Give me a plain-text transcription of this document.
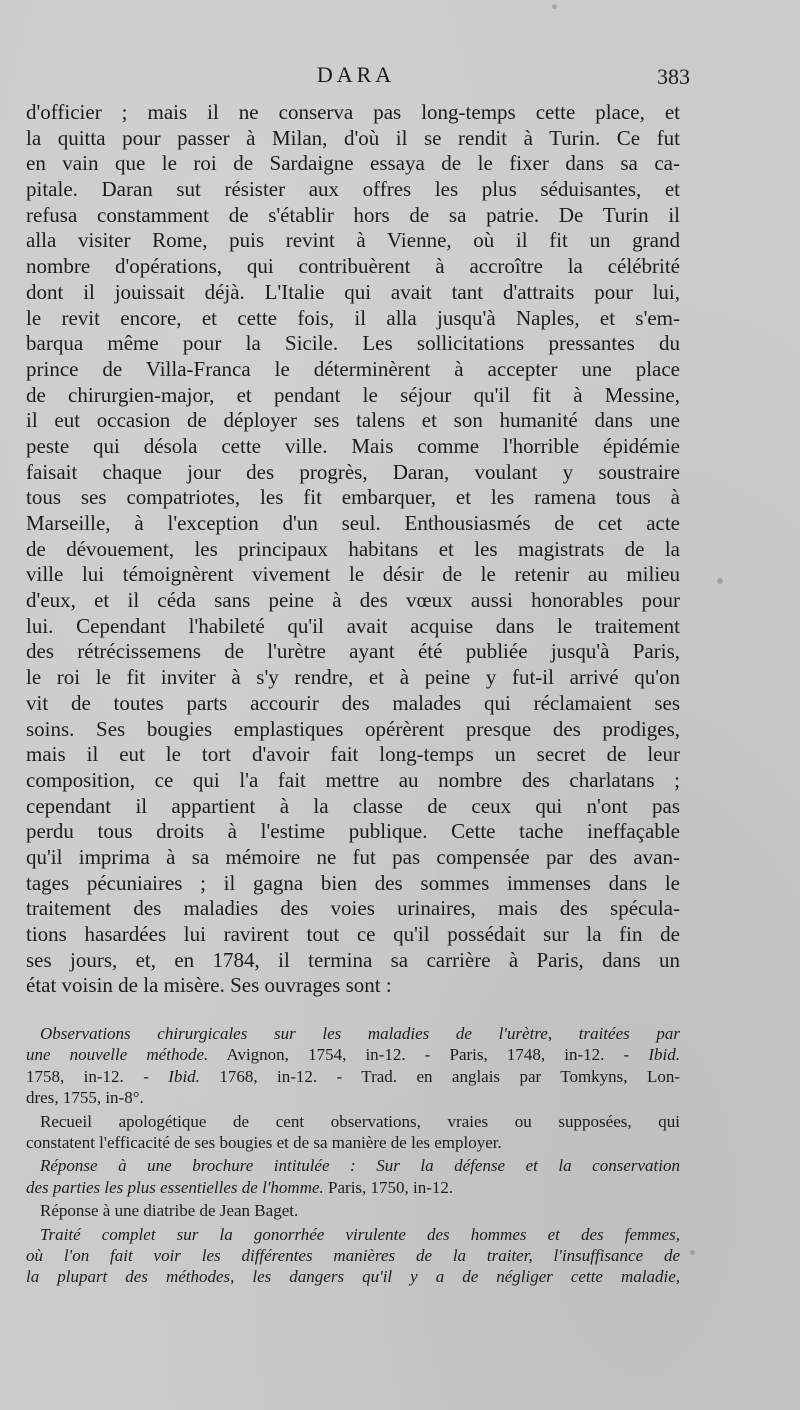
DARA	383
d'officier ; mais il ne conserva pas long-temps cette place, et
la quitta pour passer à Milan, d'où il se rendit à Turin. Ce fut
en vain que le roi de Sardaigne essaya de le fixer dans sa ca-
pitale. Daran sut résister aux offres les plus séduisantes, et
refusa constamment de s'établir hors de sa patrie. De Turin il
alla visiter Rome, puis revint à Vienne, où il fit un grand
nombre d'opérations, qui contribuèrent à accroître la célébrité
dont il jouissait déjà. L'Italie qui avait tant d'attraits pour lui,
le revit encore, et cette fois, il alla jusqu'à Naples, et s'em-
barqua même pour la Sicile. Les sollicitations pressantes du
prince de Villa-Franca le déterminèrent à accepter une place
de chirurgien-major, et pendant le séjour qu'il fit à Messine,
il eut occasion de déployer ses talens et son humanité dans une
peste qui désola cette ville. Mais comme l'horrible épidémie
faisait chaque jour des progrès, Daran, voulant y soustraire
tous ses compatriotes, les fit embarquer, et les ramena tous à
Marseille, à l'exception d'un seul. Enthousiasmés de cet acte
de dévouement, les principaux habitans et les magistrats de la
ville lui témoignèrent vivement le désir de le retenir au milieu
d'eux, et il céda sans peine à des vœux aussi honorables pour
lui. Cependant l'habileté qu'il avait acquise dans le traitement
des rétrécissemens de l'urètre ayant été publiée jusqu'à Paris,
le roi le fit inviter à s'y rendre, et à peine y fut-il arrivé qu'on
vit de toutes parts accourir des malades qui réclamaient ses
soins. Ses bougies emplastiques opérèrent presque des prodiges,
mais il eut le tort d'avoir fait long-temps un secret de leur
composition, ce qui l'a fait mettre au nombre des charlatans ;
cependant il appartient à la classe de ceux qui n'ont pas
perdu tous droits à l'estime publique. Cette tache ineffaçable
qu'il imprima à sa mémoire ne fut pas compensée par des avan-
tages pécuniaires ; il gagna bien des sommes immenses dans le
traitement des maladies des voies urinaires, mais des spécula-
tions hasardées lui ravirent tout ce qu'il possédait sur la fin de
ses jours, et, en 1784, il termina sa carrière à Paris, dans un
état voisin de la misère. Ses ouvrages sont :
Observations chirurgicales sur les maladies de l'urètre, traitées par
une nouvelle méthode. Avignon, 1754, in-12. - Paris, 1748, in-12. - Ibid.
1758, in-12. - Ibid. 1768, in-12. - Trad. en anglais par Tomkyns, Lon-
dres, 1755, in-8°.
Recueil apologétique de cent observations, vraies ou supposées, qui
constatent l'efficacité de ses bougies et de sa manière de les employer.
Réponse à une brochure intitulée : Sur la défense et la conservation
des parties les plus essentielles de l'homme. Paris, 1750, in-12.
Réponse à une diatribe de Jean Baget.
Traité complet sur la gonorrhée virulente des hommes et des femmes,
où l'on fait voir les différentes manières de la traiter, l'insuffisance de
la plupart des méthodes, les dangers qu'il y a de négliger cette maladie,
